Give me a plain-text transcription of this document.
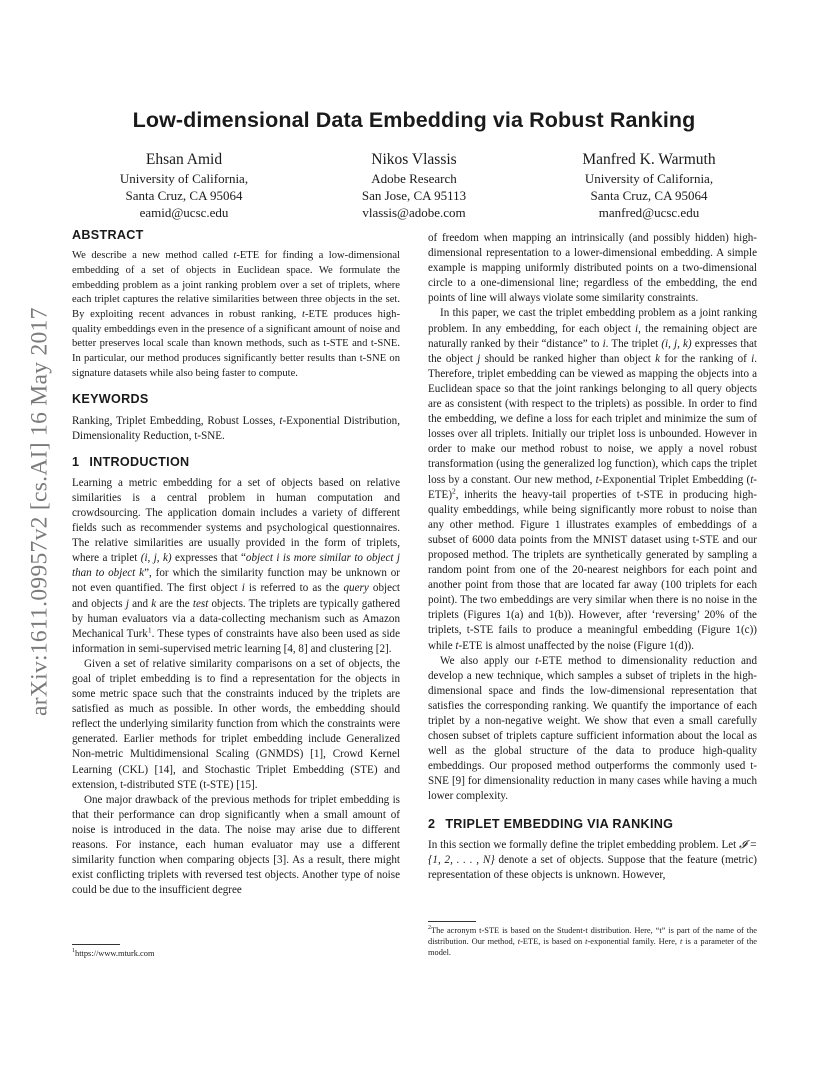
arXiv:1611.09957v2 [cs.AI] 16 May 2017
Low-dimensional Data Embedding via Robust Ranking
Ehsan Amid
University of California,
Santa Cruz, CA 95064
eamid@ucsc.edu
Nikos Vlassis
Adobe Research
San Jose, CA 95113
vlassis@adobe.com
Manfred K. Warmuth
University of California,
Santa Cruz, CA 95064
manfred@ucsc.edu
ABSTRACT

We describe a new method called t-ETE for finding a low-dimensional embedding of a set of objects in Euclidean space. We formulate the embedding problem as a joint ranking problem over a set of triplets, where each triplet captures the relative similarities between three objects in the set. By exploiting recent advances in robust ranking, t-ETE produces high-quality embeddings even in the presence of a significant amount of noise and better preserves local scale than known methods, such as t-STE and t-SNE. In particular, our method produces significantly better results than t-SNE on signature datasets while also being faster to compute.

KEYWORDS

Ranking, Triplet Embedding, Robust Losses, t-Exponential Distribution, Dimensionality Reduction, t-SNE.

1 INTRODUCTION

Learning a metric embedding for a set of objects based on relative similarities is a central problem in human computation and crowdsourcing. The application domain includes a variety of different fields such as recommender systems and psychological questionnaires. The relative similarities are usually provided in the form of triplets, where a triplet (i, j, k) expresses that “object i is more similar to object j than to object k”, for which the similarity function may be unknown or not even quantified. The first object i is referred to as the query object and objects j and k are the test objects. The triplets are typically gathered by human evaluators via a data-collecting mechanism such as Amazon Mechanical Turk$^1$. These types of constraints have also been used as side information in semi-supervised metric learning [4, 8] and clustering [2].

Given a set of relative similarity comparisons on a set of objects, the goal of triplet embedding is to find a representation for the objects in some metric space such that the constraints induced by the triplets are satisfied as much as possible. In other words, the embedding should reflect the underlying similarity function from which the constraints were generated. Earlier methods for triplet embedding include Generalized Non-metric Multidimensional Scaling (GNMDS) [1], Crowd Kernel Learning (CKL) [14], and Stochastic Triplet Embedding (STE) and extension, t-distributed STE (t-STE) [15].

One major drawback of the previous methods for triplet embedding is that their performance can drop significantly when a small amount of noise is introduced in the data. The noise may arise due to different reasons. For instance, each human evaluator may use a different similarity function when comparing objects [3]. As a result, there might exist conflicting triplets with reversed test objects. Another type of noise could be due to the insufficient degree

$^1$https://www.mturk.com

of freedom when mapping an intrinsically (and possibly hidden) high-dimensional representation to a lower-dimensional embedding. A simple example is mapping uniformly distributed points on a two-dimensional circle to a one-dimensional line; regardless of the embedding, the end points of line will always violate some similarity constraints.

In this paper, we cast the triplet embedding problem as a joint ranking problem. In any embedding, for each object i, the remaining object are naturally ranked by their “distance” to i. The triplet (i, j, k) expresses that the object j should be ranked higher than object k for the ranking of i. Therefore, triplet embedding can be viewed as mapping the objects into a Euclidean space so that the joint rankings belonging to all query objects are as consistent (with respect to the triplets) as possible. In order to find the embedding, we define a loss for each triplet and minimize the sum of losses over all triplets. Initially our triplet loss is unbounded. However in order to make our method robust to noise, we apply a novel robust transformation (using the generalized log function), which caps the triplet loss by a constant. Our new method, t-Exponential Triplet Embedding $(t-ETE)^2$, inherits the heavy-tail properties of t-STE in producing high-quality embeddings, while being significantly more robust to noise than any other method. Figure 1 illustrates examples of embeddings of a subset of 6000 data points from the MNIST dataset using t-STE and our proposed method. The triplets are synthetically generated by sampling a random point from one of the 20-nearest neighbors for each point and another point from those that are located far away (100 triplets for each point). The two embeddings are very similar when there is no noise in the triplets (Figures 1(a) and 1(b)). However, after ‘reversing’ 20% of the triplets, t-STE fails to produce a meaningful embedding (Figure 1(c)) while t-ETE is almost unaffected by the noise (Figure 1(d)).

We also apply our t-ETE method to dimensionality reduction and develop a new technique, which samples a subset of triplets in the high-dimensional space and finds the low-dimensional representation that satisfies the corresponding ranking. We quantify the importance of each triplet by a non-negative weight. We show that even a small carefully chosen subset of triplets capture sufficient information about the local as well as the global structure of the data to produce high-quality embeddings. Our proposed method outperforms the commonly used t-SNE [9] for dimensionality reduction in many cases while having a much lower complexity.

2 TRIPLET EMBEDDING VIA RANKING

In this section we formally define the triplet embedding problem. Let 𝓘 = {1, 2, . . . , N} denote a set of objects. Suppose that the feature (metric) representation of these objects is unknown. However,

$^2$The acronym t-STE is based on the Student-t distribution. Here, “t” is part of the name of the distribution. Our method, t-ETE, is based on t-exponential family. Here, t is a parameter of the model.
